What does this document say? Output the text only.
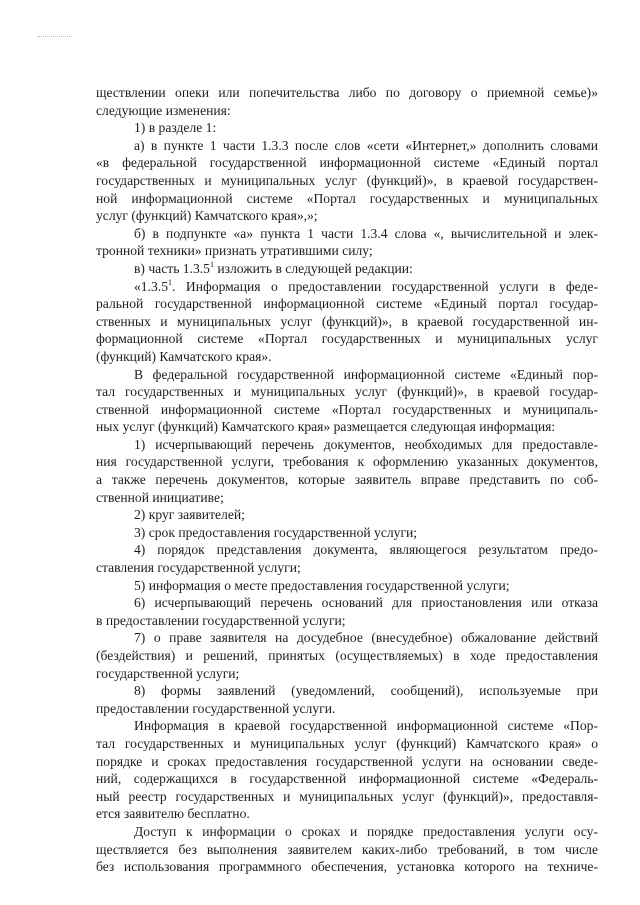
ществлении опеки или попечительства либо по договору о приемной семье)»
следующие изменения:
1) в разделе 1:
а) в пункте 1 части 1.3.3 после слов «сети «Интернет,» дополнить словами
«в федеральной государственной информационной системе «Единый портал
государственных и муниципальных услуг (функций)», в краевой государствен-
ной информационной системе «Портал государственных и муниципальных
услуг (функций) Камчатского края»,»;
б) в подпункте «а» пункта 1 части 1.3.4 слова «, вычислительной и элек-
тронной техники» признать утратившими силу;
в) часть 1.3.5$^1$ изложить в следующей редакции:
«1.3.5$^1$. Информация о предоставлении государственной услуги в феде-
ральной государственной информационной системе «Единый портал государ-
ственных и муниципальных услуг (функций)», в краевой государственной ин-
формационной системе «Портал государственных и муниципальных услуг
(функций) Камчатского края».
В федеральной государственной информационной системе «Единый пор-
тал государственных и муниципальных услуг (функций)», в краевой государ-
ственной информационной системе «Портал государственных и муниципаль-
ных услуг (функций) Камчатского края» размещается следующая информация:
1) исчерпывающий перечень документов, необходимых для предоставле-
ния государственной услуги, требования к оформлению указанных документов,
а также перечень документов, которые заявитель вправе представить по соб-
ственной инициативе;
2) круг заявителей;
3) срок предоставления государственной услуги;
4) порядок представления документа, являющегося результатом предо-
ставления государственной услуги;
5) информация о месте предоставления государственной услуги;
6) исчерпывающий перечень оснований для приостановления или отказа
в предоставлении государственной услуги;
7) о праве заявителя на досудебное (внесудебное) обжалование действий
(бездействия) и решений, принятых (осуществляемых) в ходе предоставления
государственной услуги;
8) формы заявлений (уведомлений, сообщений), используемые при
предоставлении государственной услуги.
Информация в краевой государственной информационной системе «Пор-
тал государственных и муниципальных услуг (функций) Камчатского края» о
порядке и сроках предоставления государственной услуги на основании сведе-
ний, содержащихся в государственной информационной системе «Федераль-
ный реестр государственных и муниципальных услуг (функций)», предоставля-
ется заявителю бесплатно.
Доступ к информации о сроках и порядке предоставления услуги осу-
ществляется без выполнения заявителем каких-либо требований, в том числе
без использования программного обеспечения, установка которого на техниче-
